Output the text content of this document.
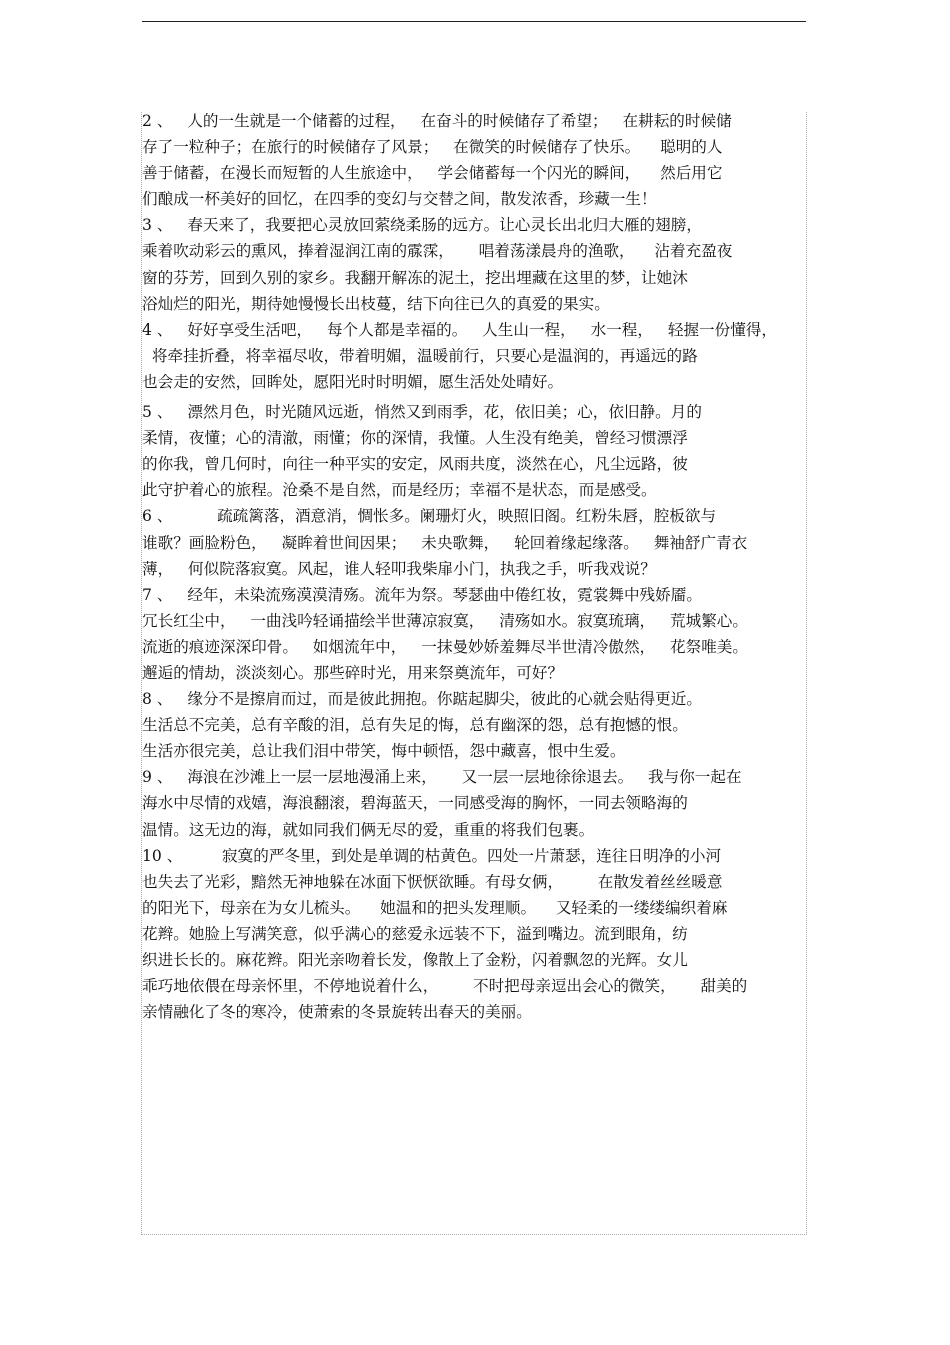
2 、   人的一生就是一个储蓄的过程，   在奋斗的时候储存了希望；   在耕耘的时候储
存了一粒种子；在旅行的时候储存了风景；   在微笑的时候储存了快乐。    聪明的人
善于储蓄，在漫长而短暂的人生旅途中，   学会储蓄每一个闪光的瞬间，    然后用它
们酿成一杯美好的回忆，在四季的变幻与交替之间，散发浓香，珍藏一生！
3 、   春天来了，我要把心灵放回萦绕柔肠的远方。让心灵长出北归大雁的翅膀，
乘着吹动彩云的熏风，捧着湿润江南的霡霂，     唱着荡漾晨舟的渔歌，    沾着充盈夜
窗的芬芳，回到久别的家乡。我翻开解冻的泥土，挖出埋藏在这里的梦，让她沐
浴灿烂的阳光，期待她慢慢长出枝蔓，结下向往已久的真爱的果实。
4 、   好好享受生活吧，   每个人都是幸福的。   人生山一程，   水一程，   轻握一份懂得，
将牵挂折叠，将幸福尽收，带着明媚，温暖前行，只要心是温润的，再遥远的路
也会走的安然，回眸处，愿阳光时时明媚，愿生活处处晴好。
5 、   漂然月色，时光随风远逝，悄然又到雨季，花，依旧美；心，依旧静。月的
柔情，夜懂；心的清澈，雨懂；你的深情，我懂。人生没有绝美，曾经习惯漂浮
的你我，曾几何时，向往一种平实的安定，风雨共度，淡然在心，凡尘远路，彼
此守护着心的旅程。沧桑不是自然，而是经历；幸福不是状态，而是感受。
6 、         疏疏篱落，酒意消，惆怅多。阑珊灯火，映照旧阁。红粉朱唇，腔板欲与
谁歌？画脸粉色，   凝眸着世间因果；   未央歌舞，   轮回着缘起缘落。   舞袖舒广青衣
薄，   何似院落寂寞。风起，谁人轻叩我柴扉小门，执我之手，听我戏说？
7 、   经年，未染流殇漠漠清殇。流年为祭。琴瑟曲中倦红妆，霓裳舞中残娇靥。
冗长红尘中，   一曲浅吟轻诵描绘半世薄凉寂寞，   清殇如水。寂寞琉璃，   荒城繁心。
流逝的痕迹深深印骨。   如烟流年中，   一抹曼妙娇羞舞尽半世清冷傲然，   花祭唯美。
邂逅的情劫，淡淡刻心。那些碎时光，用来祭奠流年，可好？
8 、   缘分不是擦肩而过，而是彼此拥抱。你踮起脚尖，彼此的心就会贴得更近。
生活总不完美，总有辛酸的泪，总有失足的悔，总有幽深的怨，总有抱憾的恨。
生活亦很完美，总让我们泪中带笑，悔中顿悟，怨中藏喜，恨中生爱。
9 、   海浪在沙滩上一层一层地漫涌上来，     又一层一层地徐徐退去。   我与你一起在
海水中尽情的戏嬉，海浪翻滚，碧海蓝天，一同感受海的胸怀，一同去领略海的
温情。这无边的海，就如同我们俩无尽的爱，重重的将我们包裹。
10 、        寂寞的严冬里，到处是单调的枯黄色。四处一片萧瑟，连往日明净的小河
也失去了光彩，黯然无神地躲在冰面下恹恹欲睡。有母女俩，       在散发着丝丝暖意
的阳光下，母亲在为女儿梳头。    她温和的把头发理顺。    又轻柔的一缕缕编织着麻
花辫。她脸上写满笑意，似乎满心的慈爱永远装不下，溢到嘴边。流到眼角，纺
织进长长的。麻花辫。阳光亲吻着长发，像散上了金粉，闪着飘忽的光辉。女儿
乖巧地依偎在母亲怀里，不停地说着什么，       不时把母亲逗出会心的微笑，     甜美的
亲情融化了冬的寒冷，使萧索的冬景旋转出春天的美丽。
